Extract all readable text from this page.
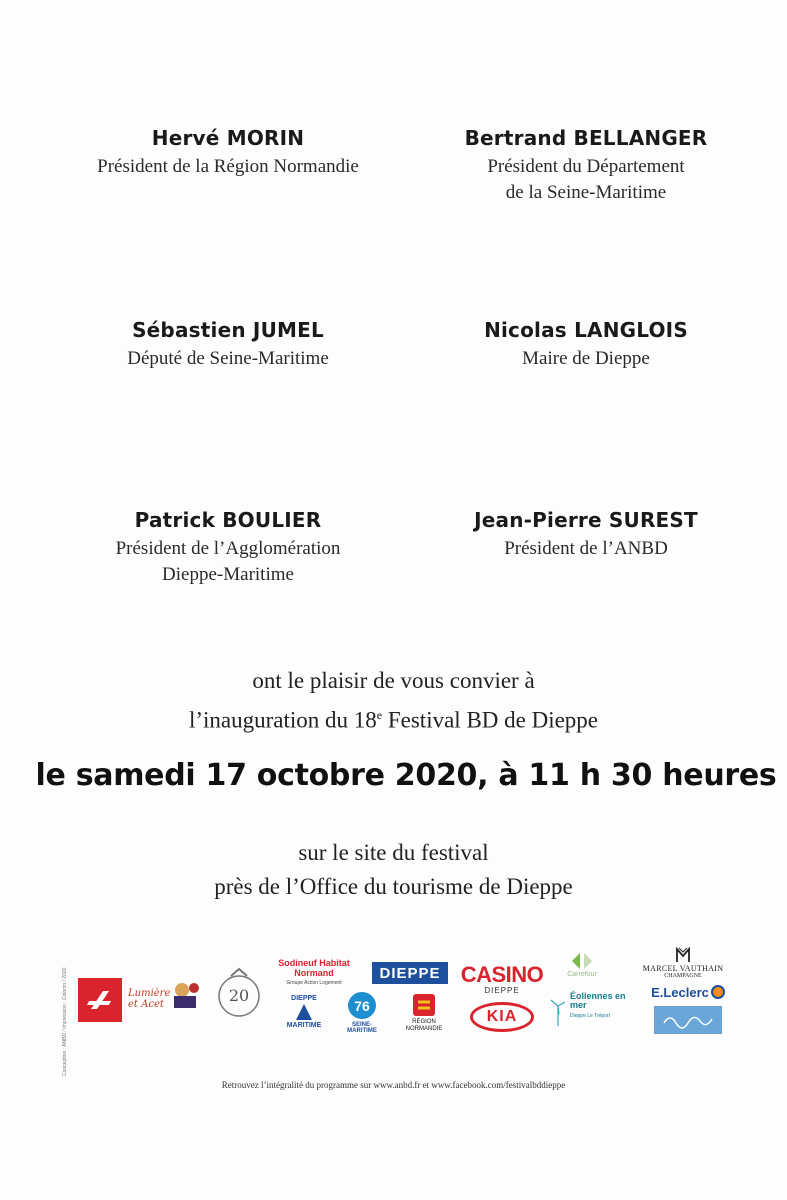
Hervé MORIN
Président de la Région Normandie
Bertrand BELLANGER
Président du Département
de la Seine-Maritime
Sébastien JUMEL
Député de Seine-Maritime
Nicolas LANGLOIS
Maire de Dieppe
Patrick BOULIER
Président de l’Agglomération
Dieppe-Maritime
Jean-Pierre SUREST
Président de l’ANBD
ont le plaisir de vous convier à
l’inauguration du 18e Festival BD de Dieppe
le samedi 17 octobre 2020, à 11 h 30 heures
sur le site du festival
près de l’Office du tourisme de Dieppe
Conception : ANBD / Impression : Colorim / 2020	Lumière et Acet	20
Sodineuf Habitat Normand
Groupe Action Logement
DIEPPE
MARITIME
76
SEINE-MARITIME
DIEPPE
RÉGION NORMANDIE
CASINO
DIEPPE
KIA
Carrefour
Éoliennes en mer
Dieppe Le Tréport
MARCEL VAUTHAIN
CHAMPAGNE
E.Leclerc
Retrouvez l’intégralité du programme sur www.anbd.fr et www.facebook.com/festivalbddieppe
